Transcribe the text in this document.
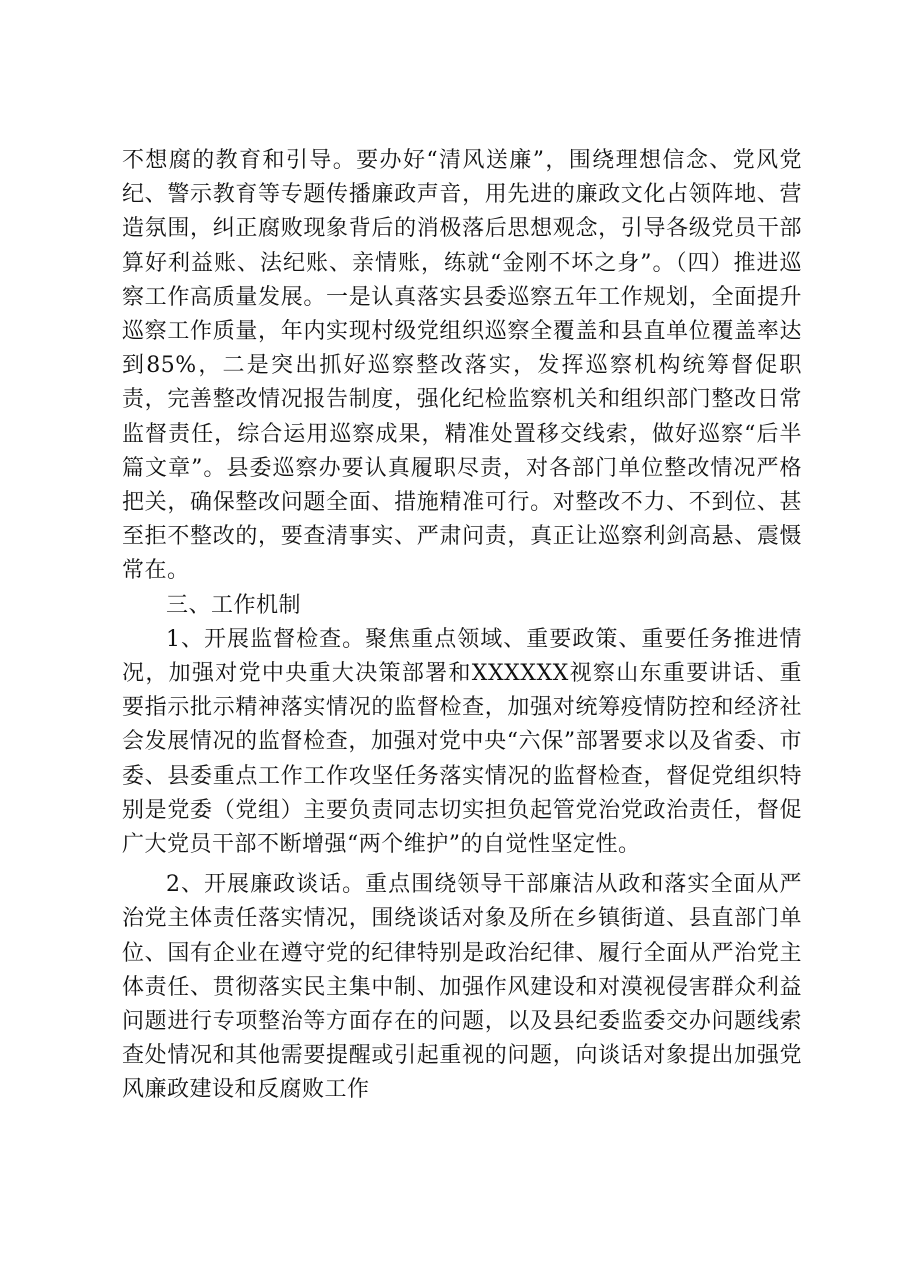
不想腐的教育和引导。要办好“清风送廉”，围绕理想信念、党风党纪、警示教育等专题传播廉政声音，用先进的廉政文化占领阵地、营造氛围，纠正腐败现象背后的消极落后思想观念，引导各级党员干部算好利益账、法纪账、亲情账，练就“金刚不坏之身”。（四）推进巡察工作高质量发展。一是认真落实县委巡察五年工作规划，全面提升巡察工作质量，年内实现村级党组织巡察全覆盖和县直单位覆盖率达到85%，二是突出抓好巡察整改落实，发挥巡察机构统筹督促职责，完善整改情况报告制度，强化纪检监察机关和组织部门整改日常监督责任，综合运用巡察成果，精准处置移交线索，做好巡察“后半篇文章”。县委巡察办要认真履职尽责，对各部门单位整改情况严格把关，确保整改问题全面、措施精准可行。对整改不力、不到位、甚至拒不整改的，要查清事实、严肃问责，真正让巡察利剑高悬、震慑常在。

三、工作机制

1、开展监督检查。聚焦重点领域、重要政策、重要任务推进情况，加强对党中央重大决策部署和XXXXXX视察山东重要讲话、重要指示批示精神落实情况的监督检查，加强对统筹疫情防控和经济社会发展情况的监督检查，加强对党中央“六保”部署要求以及省委、市委、县委重点工作工作攻坚任务落实情况的监督检查，督促党组织特别是党委（党组）主要负责同志切实担负起管党治党政治责任，督促广大党员干部不断增强“两个维护”的自觉性坚定性。

2、开展廉政谈话。重点围绕领导干部廉洁从政和落实全面从严治党主体责任落实情况，围绕谈话对象及所在乡镇街道、县直部门单位、国有企业在遵守党的纪律特别是政治纪律、履行全面从严治党主体责任、贯彻落实民主集中制、加强作风建设和对漠视侵害群众利益问题进行专项整治等方面存在的问题，以及县纪委监委交办问题线索查处情况和其他需要提醒或引起重视的问题，向谈话对象提出加强党风廉政建设和反腐败工作
